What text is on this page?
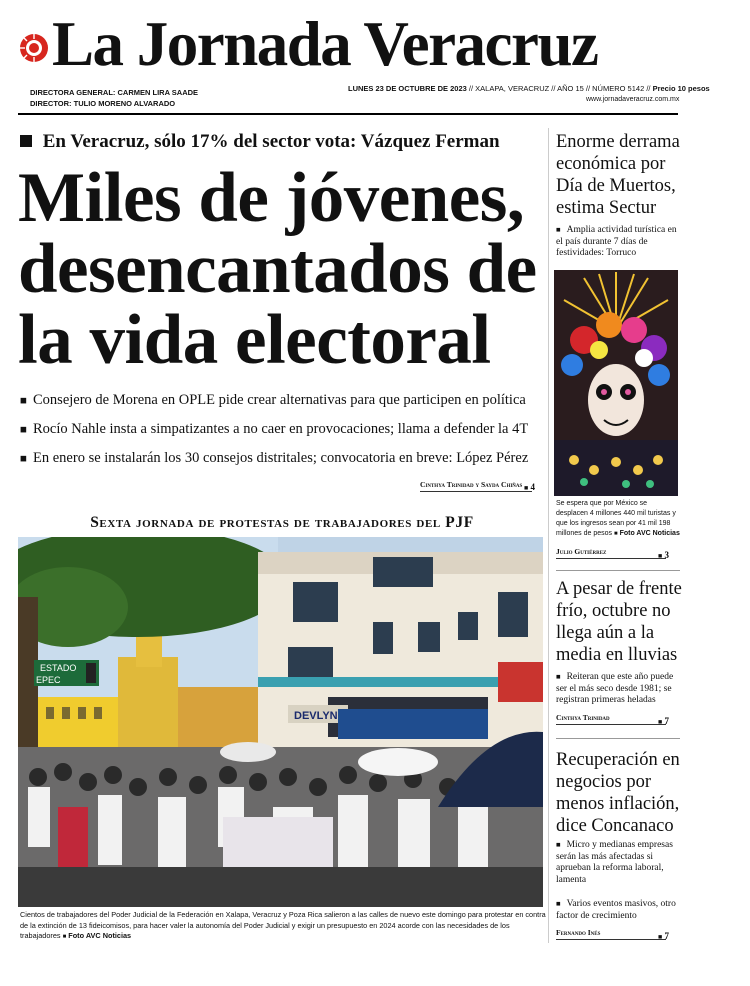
La Jornada Veracruz
DIRECTORA GENERAL: CARMEN LIRA SAADE
DIRECTOR: TULIO MORENO ALVARADO
LUNES 23 DE OCTUBRE DE 2023 // XALAPA, VERACRUZ // AÑO 15 // NÚMERO 5142 // Precio 10 pesos
www.jornadaveracruz.com.mx
En Veracruz, sólo 17% del sector vota: Vázquez Ferman
Miles de jóvenes,
desencantados de
la vida electoral
■ Consejero de Morena en OPLE pide crear alternativas para que participen en política
■ Rocío Nahle insta a simpatizantes a no caer en provocaciones; llama a defender la 4T
■ En enero se instalarán los 30 consejos distritales; convocatoria en breve: López Pérez
Cinthya Trinidad y Sayda Chiñas ■ 4
Sexta jornada de protestas de trabajadores del PJF
ESTADO
EPEC
DEVLYN
Cientos de trabajadores del Poder Judicial de la Federación en Xalapa, Veracruz y Poza Rica salieron a las calles de nuevo este domingo para protestar en contra de la extinción de 13 fideicomisos, para hacer valer la autonomía del Poder Judicial y exigir un presupuesto en 2024 acorde con las necesidades de los trabajadores ■ Foto AVC Noticias
Enorme derrama económica por Día de Muertos, estima Sectur
■ Amplia actividad turística en el país durante 7 días de festividades: Torruco
Se espera que por México se desplacen 4 millones 440 mil turistas y que los ingresos sean por 41 mil 198 millones de pesos ■ Foto AVC Noticias
Julio Gutiérrez	■ 3
A pesar de frente frío, octubre no llega aún a la media en lluvias
■ Reiteran que este año puede ser el más seco desde 1981; se registran primeras heladas
Cinthya Trinidad	■ 7
Recuperación en negocios por menos inflación, dice Concanaco
■ Micro y medianas empresas serán las más afectadas si aprueban la reforma laboral, lamenta
■ Varios eventos masivos, otro factor de crecimiento
Fernando Inés	■ 7
